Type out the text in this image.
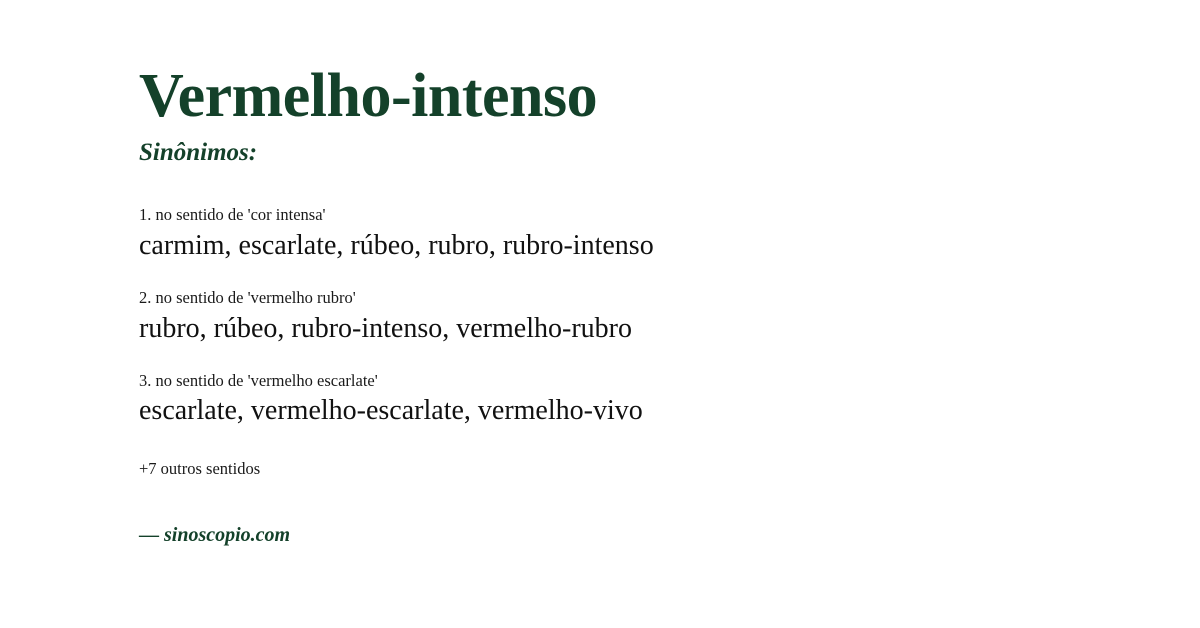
Vermelho-intenso
Sinônimos:
1. no sentido de 'cor intensa'
carmim, escarlate, rúbeo, rubro, rubro-intenso
2. no sentido de 'vermelho rubro'
rubro, rúbeo, rubro-intenso, vermelho-rubro
3. no sentido de 'vermelho escarlate'
escarlate, vermelho-escarlate, vermelho-vivo
+7 outros sentidos
— sinoscopio.com
